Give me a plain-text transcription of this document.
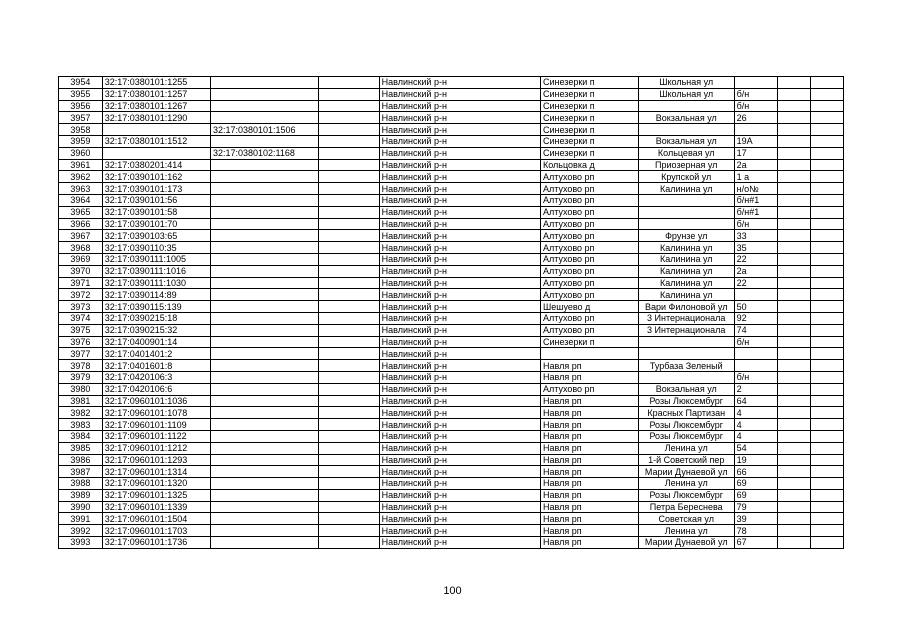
3954	32:17:0380101:1255			Навлинский р-н	Синезерки п	Школьная ул			
3955	32:17:0380101:1257			Навлинский р-н	Синезерки п	Школьная ул	б/н		
3956	32:17:0380101:1267			Навлинский р-н	Синезерки п		б/н		
3957	32:17:0380101:1290			Навлинский р-н	Синезерки п	Вокзальная ул	26		
3958		32:17:0380101:1506		Навлинский р-н	Синезерки п				
3959	32:17:0380101:1512			Навлинский р-н	Синезерки п	Вокзальная ул	19А		
3960		32:17:0380102:1168		Навлинский р-н	Синезерки п	Кольцевая ул	17		
3961	32:17:0380201:414			Навлинский р-н	Кольцовка д	Приозерная ул	2а		
3962	32:17:0390101:162			Навлинский р-н	Алтухово рп	Крупской ул	1 а		
3963	32:17:0390101:173			Навлинский р-н	Алтухово рп	Калинина ул	н/о№		
3964	32:17:0390101:56			Навлинский р-н	Алтухово рп		б/н#1		
3965	32:17:0390101:58			Навлинский р-н	Алтухово рп		б/н#1		
3966	32:17:0390101:70			Навлинский р-н	Алтухово рп		б/н		
3967	32:17:0390103:65			Навлинский р-н	Алтухово рп	Фрунзе ул	33		
3968	32:17:0390110:35			Навлинский р-н	Алтухово рп	Калинина ул	35		
3969	32:17:0390111:1005			Навлинский р-н	Алтухово рп	Калинина ул	22		
3970	32:17:0390111:1016			Навлинский р-н	Алтухово рп	Калинина ул	2а		
3971	32:17:0390111:1030			Навлинский р-н	Алтухово рп	Калинина ул	22		
3972	32:17:0390114:89			Навлинский р-н	Алтухово рп	Калинина ул			
3973	32:17:0390115:139			Навлинский р-н	Шешуево д	Вари Филоновой ул	50		
3974	32:17:0390215:18			Навлинский р-н	Алтухово рп	3 Интернационала	92		
3975	32:17:0390215:32			Навлинский р-н	Алтухово рп	3 Интернационала	74		
3976	32:17:0400901:14			Навлинский р-н	Синезерки п		б/н		
3977	32:17:0401401:2			Навлинский р-н					
3978	32:17:0401601:8			Навлинский р-н	Навля рп	Турбаза Зеленый			
3979	32:17:0420106:3			Навлинский р-н	Навля рп		б/н		
3980	32:17:0420106:6			Навлинский р-н	Алтухово рп	Вокзальная ул	2		
3981	32:17:0960101:1036			Навлинский р-н	Навля рп	Розы Люксембург	64		
3982	32:17:0960101:1078			Навлинский р-н	Навля рп	Красных Партизан	4		
3983	32:17:0960101:1109			Навлинский р-н	Навля рп	Розы Люксембург	4		
3984	32:17:0960101:1122			Навлинский р-н	Навля рп	Розы Люксембург	4		
3985	32:17:0960101:1212			Навлинский р-н	Навля рп	Ленина ул	54		
3986	32:17:0960101:1293			Навлинский р-н	Навля рп	1-й Советский пер	19		
3987	32:17:0960101:1314			Навлинский р-н	Навля рп	Марии Дунаевой ул	66		
3988	32:17:0960101:1320			Навлинский р-н	Навля рп	Ленина ул	69		
3989	32:17:0960101:1325			Навлинский р-н	Навля рп	Розы Люксембург	69		
3990	32:17:0960101:1339			Навлинский р-н	Навля рп	Петра Береснева	79		
3991	32:17:0960101:1504			Навлинский р-н	Навля рп	Советская ул	39		
3992	32:17:0960101:1703			Навлинский р-н	Навля рп	Ленина ул	78		
3993	32:17:0960101:1736			Навлинский р-н	Навля рп	Марии Дунаевой ул	67		
100
